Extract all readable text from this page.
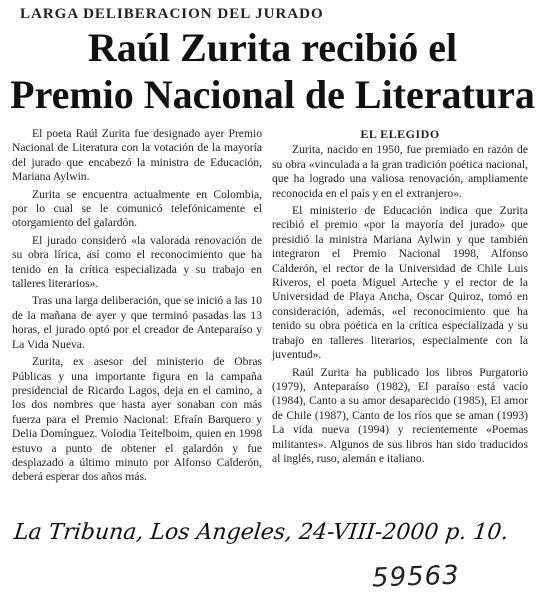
LARGA DELIBERACION DEL JURADO
Raúl Zurita recibió el
Premio Nacional de Literatura

El poeta Raúl Zurita fue designado ayer Premio Nacional de Literatura con la votación de la mayoría del jurado que encabezó la ministra de Educación, Mariana Aylwin.

Zurita se encuentra actualmente en Colombia, por lo cual se le comunicó telefónicamente el otorgamiento del galardón.

El jurado consideró «la valorada renovación de su obra lírica, así como el reconocimiento que ha tenido en la crítica especializada y su trabajo en talleres literarios».

Tras una larga deliberación, que se inició a las 10 de la mañana de ayer y que terminó pasadas las 13 horas, el jurado optó por el creador de Anteparaíso y La Vida Nueva.

Zurita, ex asesor del ministerio de Obras Públicas y una importante figura en la campaña presidencial de Ricardo Lagos, deja en el camino, a los dos nombres que hasta ayer sonaban con más fuerza para el Premio Nacional: Efraín Barquero y Delia Domínguez. Volodia Teitelboim, quien en 1998 estuvo a punto de obtener el galardón y fue desplazado a último minuto por Alfonso Calderón, deberá esperar dos años más.

EL ELEGIDO

Zurita, nacido en 1950, fue premiado en razón de su obra «vinculada a la gran tradición poética nacional, que ha logrado una valiosa renovación, ampliamente reconocida en el país y en el extranjero».

El ministerio de Educación indica que Zurita recibió el premio «por la mayoría del jurado» que presidió la ministra Mariana Aylwin y que también integraron el Premio Nacional 1998, Alfonso Calderón, el rector de la Universidad de Chile Luis Riveros, el poeta Miguel Arteche y el rector de la Universidad de Playa Ancha, Oscar Quiroz, tomó en consideración, además, «el reconocimiento que ha tenido su obra poética en la crítica especializada y su trabajo en talleres literarios, especialmente con la juventud».

Raúl Zurita ha publicado los libros Purgatorio (1979), Anteparaíso (1982), El paraíso está vacío (1984), Canto a su amor desaparecido (1985), El amor de Chile (1987), Canto de los ríos que se aman (1993) La vida nueva (1994) y recientemente «Poemas militantes». Algunos de sus libros han sido traducidos al inglés, ruso, alemán e italiano.

La Tribuna, Los Angeles, 24-VIII-2000 p. 10.
59563
